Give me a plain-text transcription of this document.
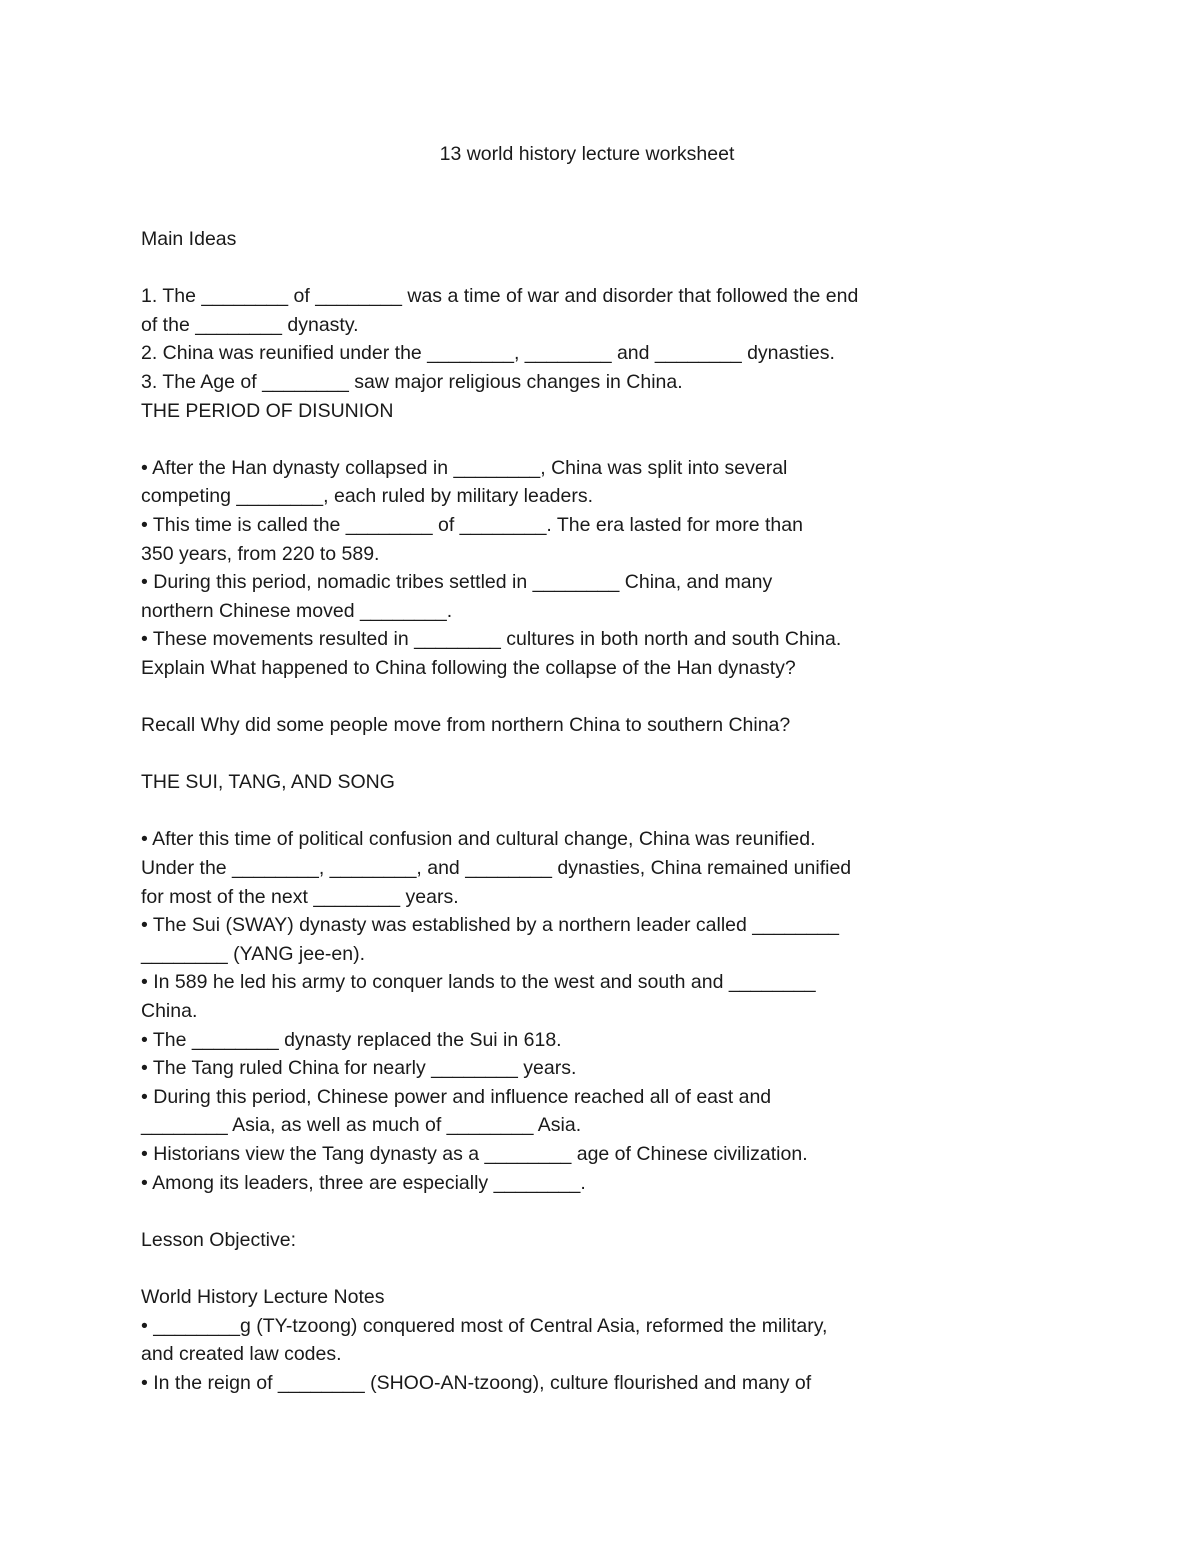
13 world history lecture worksheet
Main Ideas
1. The ________ of ________ was a time of war and disorder that followed the end
of the ________ dynasty.
2. China was reunified under the ________, ________ and ________ dynasties.
3. The Age of ________ saw major religious changes in China.
THE PERIOD OF DISUNION
• After the Han dynasty collapsed in ________, China was split into several
competing ________, each ruled by military leaders.
• This time is called the ________ of ________. The era lasted for more than
350 years, from 220 to 589.
• During this period, nomadic tribes settled in ________ China, and many
northern Chinese moved ________.
• These movements resulted in ________ cultures in both north and south China.
Explain What happened to China following the collapse of the Han dynasty?
Recall Why did some people move from northern China to southern China?
THE SUI, TANG, AND SONG
• After this time of political confusion and cultural change, China was reunified.
Under the ________, ________, and ________ dynasties, China remained unified
for most of the next ________ years.
• The Sui (SWAY) dynasty was established by a northern leader called ________
________ (YANG jee-en).
• In 589 he led his army to conquer lands to the west and south and ________
China.
• The ________ dynasty replaced the Sui in 618.
• The Tang ruled China for nearly ________ years.
• During this period, Chinese power and influence reached all of east and
________ Asia, as well as much of ________ Asia.
• Historians view the Tang dynasty as a ________ age of Chinese civilization.
• Among its leaders, three are especially ________.
Lesson Objective:
World History Lecture Notes
• ________g (TY-tzoong) conquered most of Central Asia, reformed the military,
and created law codes.
• In the reign of ________ (SHOO-AN-tzoong), culture flourished and many of
